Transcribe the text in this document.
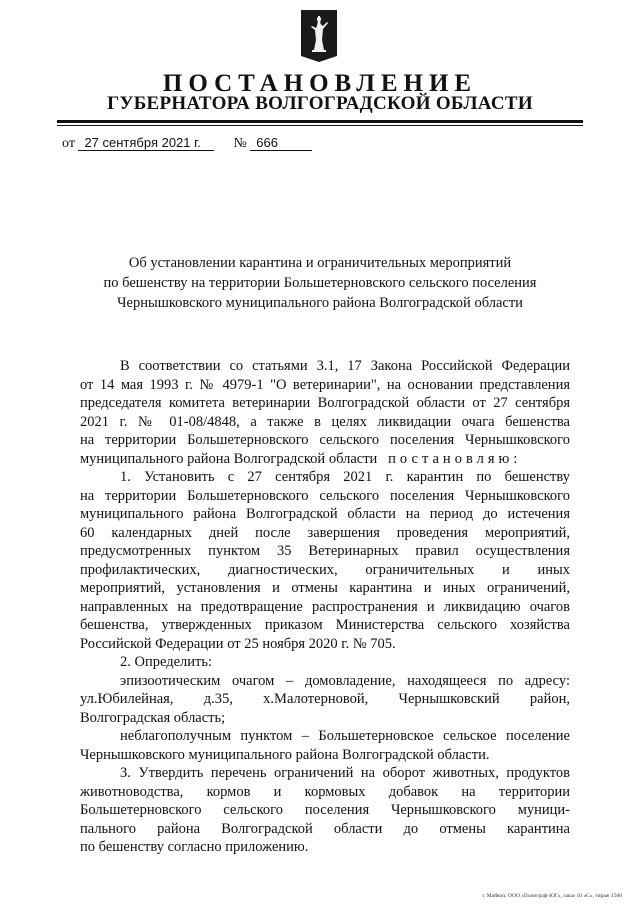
ПОСТАНОВЛЕНИЕ
ГУБЕРНАТОРА ВОЛГОГРАДСКОЙ ОБЛАСТИ
от 27 сентября 2021 г. № 666
Об установлении карантина и ограничительных мероприятий
по бешенству на территории Большетерновского сельского поселения
Чернышковского муниципального района Волгоградской области
В соответствии со статьями 3.1, 17 Закона Российской Федерации
от 14 мая 1993 г. № 4979-1 "О ветеринарии", на основании представления
председателя комитета ветеринарии Волгоградской области от 27 сентября
2021 г. № 01-08/4848, а также в целях ликвидации очага бешенства
на территории Большетерновского сельского поселения Чернышковского
муниципального района Волгоградской области постановляю:
1. Установить с 27 сентября 2021 г. карантин по бешенству
на территории Большетерновского сельского поселения Чернышковского
муниципального района Волгоградской области на период до истечения
60 календарных дней после завершения проведения мероприятий,
предусмотренных пунктом 35 Ветеринарных правил осуществления
профилактических, диагностических, ограничительных и иных
мероприятий, установления и отмены карантина и иных ограничений,
направленных на предотвращение распространения и ликвидацию очагов
бешенства, утвержденных приказом Министерства сельского хозяйства
Российской Федерации от 25 ноября 2020 г. № 705.
2. Определить:
эпизоотическим очагом – домовладение, находящееся по адресу:
ул.Юбилейная, д.35, х.Малотерновой, Чернышковский район,
Волгоградская область;
неблагополучным пунктом – Большетерновское сельское поселение
Чернышковского муниципального района Волгоградской области.
3. Утвердить перечень ограничений на оборот животных, продуктов
животноводства, кормов и кормовых добавок на территории
Большетерновского сельского поселения Чернышковского муници-
пального района Волгоградской области до отмены карантина
по бешенству согласно приложению.
г. Майкоп, ООО «Полиграф-ЮГ», заказ 10 «С», тираж 1500
